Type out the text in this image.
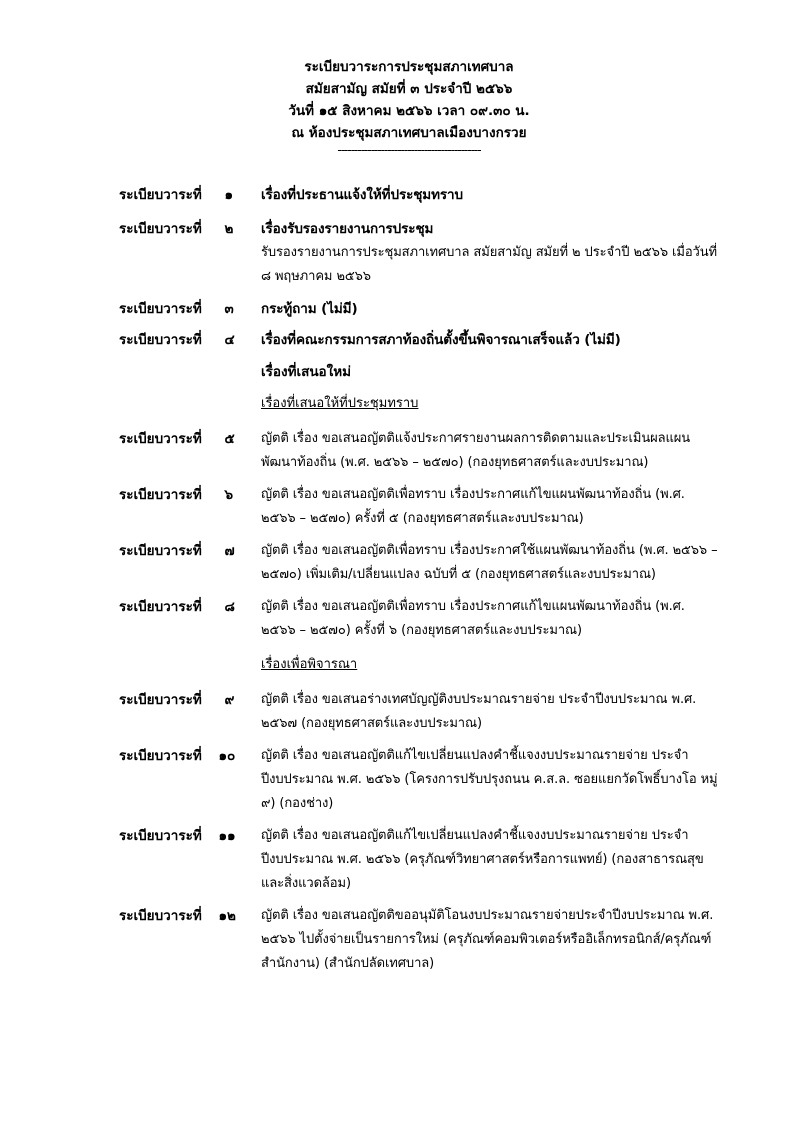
ระเบียบวาระการประชุมสภาเทศบาล
สมัยสามัญ สมัยที่ ๓ ประจำปี ๒๕๖๖
วันที่ ๑๕ สิงหาคม ๒๕๖๖ เวลา ๐๙.๓๐ น.
ณ ห้องประชุมสภาเทศบาลเมืองบางกรวย
-------------------------------------------
ระเบียบวาระที่ ๑	เรื่องที่ประธานแจ้งให้ที่ประชุมทราบ
ระเบียบวาระที่ ๒	เรื่องรับรองรายงานการประชุม
รับรองรายงานการประชุมสภาเทศบาล สมัยสามัญ สมัยที่ ๒ ประจำปี ๒๕๖๖ เมื่อวันที่ ๘ พฤษภาคม ๒๕๖๖
ระเบียบวาระที่ ๓	กระทู้ถาม (ไม่มี)
ระเบียบวาระที่ ๔	เรื่องที่คณะกรรมการสภาท้องถิ่นตั้งขึ้นพิจารณาเสร็จแล้ว (ไม่มี)
เรื่องที่เสนอใหม่
เรื่องที่เสนอให้ที่ประชุมทราบ
ระเบียบวาระที่ ๕	ญัตติ เรื่อง ขอเสนอญัตติแจ้งประกาศรายงานผลการติดตามและประเมินผลแผนพัฒนาท้องถิ่น (พ.ศ. ๒๕๖๖ – ๒๕๗๐) (กองยุทธศาสตร์และงบประมาณ)
ระเบียบวาระที่ ๖	ญัตติ เรื่อง ขอเสนอญัตติเพื่อทราบ เรื่องประกาศแก้ไขแผนพัฒนาท้องถิ่น (พ.ศ. ๒๕๖๖ – ๒๕๗๐) ครั้งที่ ๕ (กองยุทธศาสตร์และงบประมาณ)
ระเบียบวาระที่ ๗	ญัตติ เรื่อง ขอเสนอญัตติเพื่อทราบ เรื่องประกาศใช้แผนพัฒนาท้องถิ่น (พ.ศ. ๒๕๖๖ – ๒๕๗๐) เพิ่มเติม/เปลี่ยนแปลง ฉบับที่ ๕ (กองยุทธศาสตร์และงบประมาณ)
ระเบียบวาระที่ ๘	ญัตติ เรื่อง ขอเสนอญัตติเพื่อทราบ เรื่องประกาศแก้ไขแผนพัฒนาท้องถิ่น (พ.ศ. ๒๕๖๖ – ๒๕๗๐) ครั้งที่ ๖ (กองยุทธศาสตร์และงบประมาณ)
เรื่องเพื่อพิจารณา
ระเบียบวาระที่ ๙	ญัตติ เรื่อง ขอเสนอร่างเทศบัญญัติงบประมาณรายจ่าย ประจำปีงบประมาณ พ.ศ. ๒๕๖๗ (กองยุทธศาสตร์และงบประมาณ)
ระเบียบวาระที่ ๑๐	ญัตติ เรื่อง ขอเสนอญัตติแก้ไขเปลี่ยนแปลงคำชี้แจงงบประมาณรายจ่าย ประจำปีงบประมาณ พ.ศ. ๒๕๖๖ (โครงการปรับปรุงถนน ค.ส.ล. ซอยแยกวัดโพธิ์บางโอ หมู่ ๙) (กองช่าง)
ระเบียบวาระที่ ๑๑	ญัตติ เรื่อง ขอเสนอญัตติแก้ไขเปลี่ยนแปลงคำชี้แจงงบประมาณรายจ่าย ประจำปีงบประมาณ พ.ศ. ๒๕๖๖ (ครุภัณฑ์วิทยาศาสตร์หรือการแพทย์) (กองสาธารณสุขและสิ่งแวดล้อม)
ระเบียบวาระที่ ๑๒	ญัตติ เรื่อง ขอเสนอญัตติขออนุมัติโอนงบประมาณรายจ่ายประจำปีงบประมาณ พ.ศ. ๒๕๖๖ ไปตั้งจ่ายเป็นรายการใหม่ (ครุภัณฑ์คอมพิวเตอร์หรืออิเล็กทรอนิกส์/ครุภัณฑ์สำนักงาน) (สำนักปลัดเทศบาล)
